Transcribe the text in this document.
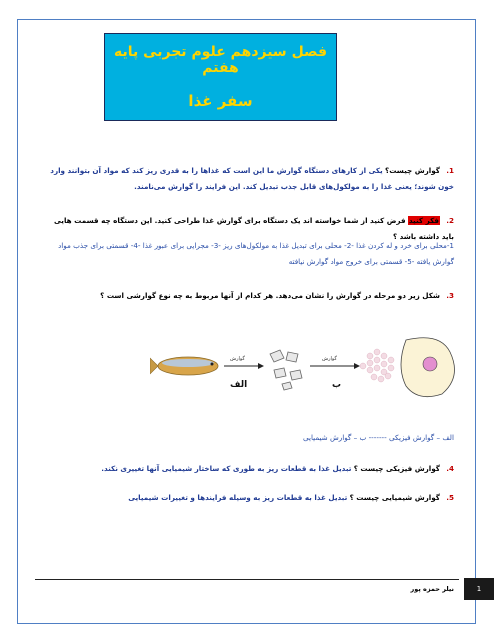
فصل سیزدهم علوم تجربی پایه هفتم
سفر غذا
1. گوارش چیست؟ یکی از کارهای دستگاه گوارش ما این است که غذاها را به قدری ریز کند که مواد آن بتوانند وارد خون شوند؛ یعنی غذا را به مولکول‌های قابل جذب تبدیل کند. این فرایند را گوارش می‌نامند.
2. فکر کنید فرض کنید از شما خواسته اند یک دستگاه برای گوارش غذا طراحی کنید. این دستگاه چه قسمت هایی باید داشته باشد ؟
1-محلی برای خرد و له کردن غذا -2- محلی برای تبدیل غذا به مولکول‌های ریز -3- مجرایی برای عبور غذا -4- قسمتی برای جذب مواد گوارش یافته -5- قسمتی برای خروج مواد گوارش نیافته
3. شکل زیر دو مرحله در گوارش را نشان می‌دهد. هر کدام از آنها مربوط به چه نوع گوارشی است ؟
الف	ب
گوارش	گوارش
الف – گوارش فیزیکی ------- ب – گوارش شیمیایی
4. گوارش فیزیکی چیست ؟ تبدیل غذا به قطعات ریز به طوری که ساختار شیمیایی آنها تغییری نکند.
5. گوارش شیمیایی چیست ؟ تبدیل غذا به قطعات ریز به وسیله فرایندها و تغییرات شیمیایی
نیلر حمزه پور	1
